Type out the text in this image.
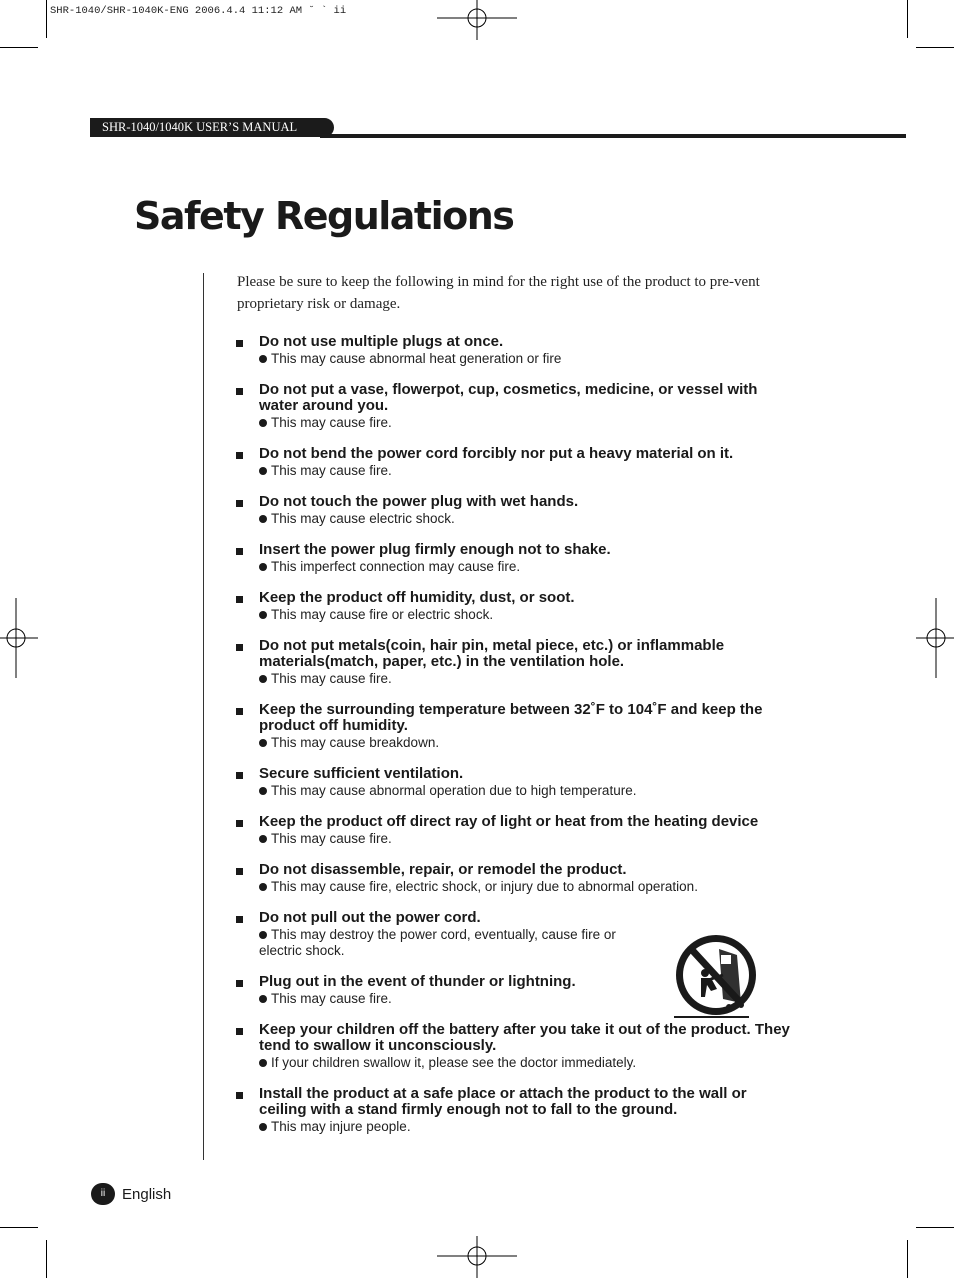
SHR-1040/SHR-1040K-ENG 2006.4.4 11:12 AM ˘ ` ii
SHR-1040/1040K USER’S MANUAL
Safety Regulations
Please be sure to keep the following in mind for the right use of the product to pre-vent proprietary risk or damage.
Do not use multiple plugs at once.
This may cause abnormal heat generation or fire
Do not put a vase, flowerpot, cup, cosmetics, medicine, or vessel with water around you.
This may cause fire.
Do not bend the power cord forcibly nor put a heavy material on it.
This may cause fire.
Do not touch the power plug with wet hands.
This may cause electric shock.
Insert the power plug firmly enough not to shake.
This imperfect connection may cause fire.
Keep the product off humidity, dust, or soot.
This may cause fire or electric shock.
Do not put metals(coin, hair pin, metal piece, etc.) or inflammable materials(match, paper, etc.) in the ventilation hole.
This may cause fire.
Keep the surrounding temperature between 32˚F to 104˚F and keep the product off humidity.
This may cause breakdown.
Secure sufficient ventilation.
This may cause abnormal operation due to high temperature.
Keep the product off direct ray of light or heat from the heating device
This may cause fire.
Do not disassemble, repair, or remodel the product.
This may cause fire, electric shock, or injury due to abnormal operation.
Do not pull out the power cord.
This may destroy the power cord, eventually, cause fire or electric shock.
Plug out in the event of thunder or lightning.
This may cause fire.
Keep your children off the battery after you take it out of the product. They tend to swallow it unconsciously.
If your children swallow it, please see the doctor immediately.
Install the product at a safe place or attach the product to the wall or ceiling with a stand firmly enough not to fall to the ground.
This may injure people.
ii	English
